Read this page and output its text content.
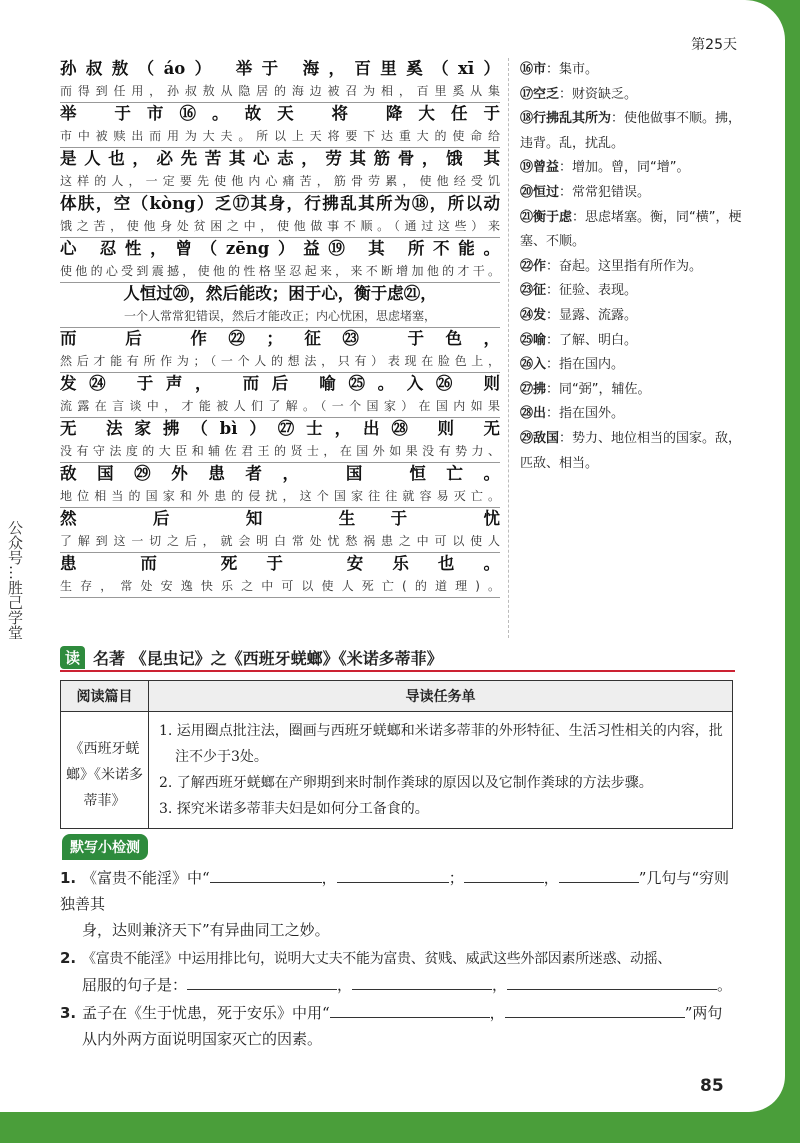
第25天
孙叔敖（áo） 举于 海，百里奚（xī）
而得到任用，孙叔敖从隐居的海边被召为相，百里奚从集
举 于市⑯。故天 将 降大任于
市中被赎出而用为大夫。所以上天将要下达重大的使命给
是人也，必先苦其心志，劳其筋骨，饿 其
这样的人，一定要先使他内心痛苦，筋骨劳累，使他经受饥
体肤，空（kòng）乏⑰其身，行拂乱其所为⑱，所以动
饿之苦，使他身处贫困之中，使他做事不顺。（通过这些）来
心 忍性，曾（zēng）益⑲ 其 所不能。
使他的心受到震撼，使他的性格坚忍起来，来不断增加他的才干。
人恒过⑳，然后能改；困于心，衡于虑㉑，
一个人常常犯错误，然后才能改正；内心忧困，思虑堵塞，
而 后 作㉒；征㉓ 于色，
然后才能有所作为；（一个人的想法，只有）表现在脸色上，
发㉔ 于声， 而后 喻㉕。入㉖ 则
流露在言谈中，才能被人们了解。（一个国家）在国内如果
无 法家拂（bì）㉗士，出㉘ 则 无
没有守法度的大臣和辅佐君王的贤士，在国外如果没有势力、
敌国㉙外患者， 国 恒亡。
地位相当的国家和外患的侵扰，这个国家往往就容易灭亡。
然 后 知 生于 忧
了解到这一切之后，就会明白常处忧愁祸患之中可以使人
患 而 死于 安乐也。
生存，常处安逸快乐之中可以使人死亡(的道理)。
⑯市：集市。
⑰空乏：财资缺乏。
⑱行拂乱其所为：使他做事不顺。拂，违背。乱，扰乱。
⑲曾益：增加。曾，同“增”。
⑳恒过：常常犯错误。
㉑衡于虑：思虑堵塞。衡，同“横”，梗塞、不顺。
㉒作：奋起。这里指有所作为。
㉓征：征验、表现。
㉔发：显露、流露。
㉕喻：了解、明白。
㉖入：指在国内。
㉗拂：同“弼”，辅佐。
㉘出：指在国外。
㉙敌国：势力、地位相当的国家。敌，匹敌、相当。
读 名著 《昆虫记》之《西班牙蜣螂》《米诺多蒂菲》
阅读篇目	导读任务单
《西班牙蜣螂》《米诺多蒂菲》	1. 运用圈点批注法，圈画与西班牙蜣螂和米诺多蒂菲的外形特征、生活习性相关的内容，批注不少于3处。
2. 了解西班牙蜣螂在产卵期到来时制作粪球的原因以及它制作粪球的方法步骤。
3. 探究米诺多蒂菲夫妇是如何分工备食的。
默写小检测
1. 《富贵不能淫》中“	，	；	，	”几句与“穷则独善其
身，达则兼济天下”有异曲同工之妙。
2. 《富贵不能淫》中运用排比句，说明大丈夫不能为富贵、贫贱、威武这些外部因素所迷惑、动摇、
屈服的句子是：	，	，	。
3. 孟子在《生于忧患，死于安乐》中用“	，	”两句
从内外两方面说明国家灭亡的因素。
85
公众号…胜己学堂
